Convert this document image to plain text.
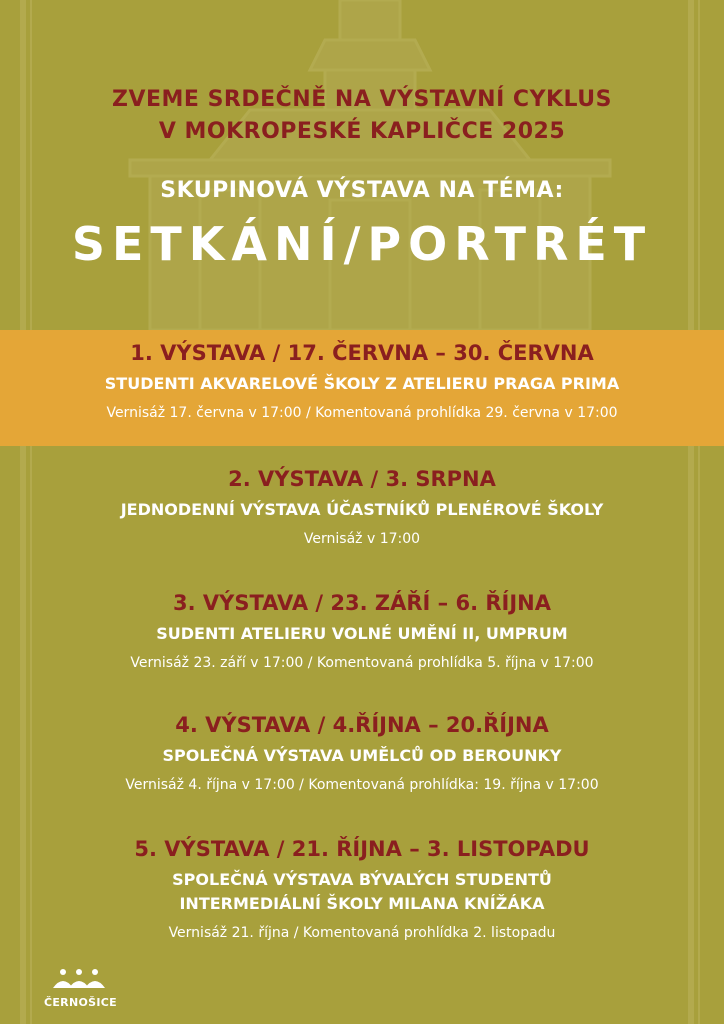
ZVEME SRDEČNĚ NA VÝSTAVNÍ CYKLUS
V MOKROPESKÉ KAPLIČCE 2025
SKUPINOVÁ VÝSTAVA NA TÉMA:
SETKÁNÍ/PORTRÉT
1. VÝSTAVA / 17. ČERVNA – 30. ČERVNA
STUDENTI AKVARELOVÉ ŠKOLY Z ATELIERU PRAGA PRIMA
Vernisáž 17. června v 17:00 / Komentovaná prohlídka 29. června v 17:00
2. VÝSTAVA / 3. SRPNA
JEDNODENNÍ VÝSTAVA ÚČASTNÍKŮ PLENÉROVÉ ŠKOLY
Vernisáž v 17:00
3. VÝSTAVA / 23. ZÁŘÍ – 6. ŘÍJNA
SUDENTI ATELIERU VOLNÉ UMĚNÍ II, UMPRUM
Vernisáž 23. září v 17:00 / Komentovaná prohlídka 5. října v 17:00
4. VÝSTAVA / 4.ŘÍJNA – 20.ŘÍJNA
SPOLEČNÁ VÝSTAVA UMĚLCŮ OD BEROUNKY
Vernisáž 4. října v 17:00 / Komentovaná prohlídka: 19. října v 17:00
5. VÝSTAVA / 21. ŘÍJNA – 3. LISTOPADU
SPOLEČNÁ VÝSTAVA BÝVALÝCH STUDENTŮ
INTERMEDIÁLNÍ ŠKOLY MILANA KNÍŽÁKA
Vernisáž 21. října / Komentovaná prohlídka 2. listopadu
ČERNOŠICE
